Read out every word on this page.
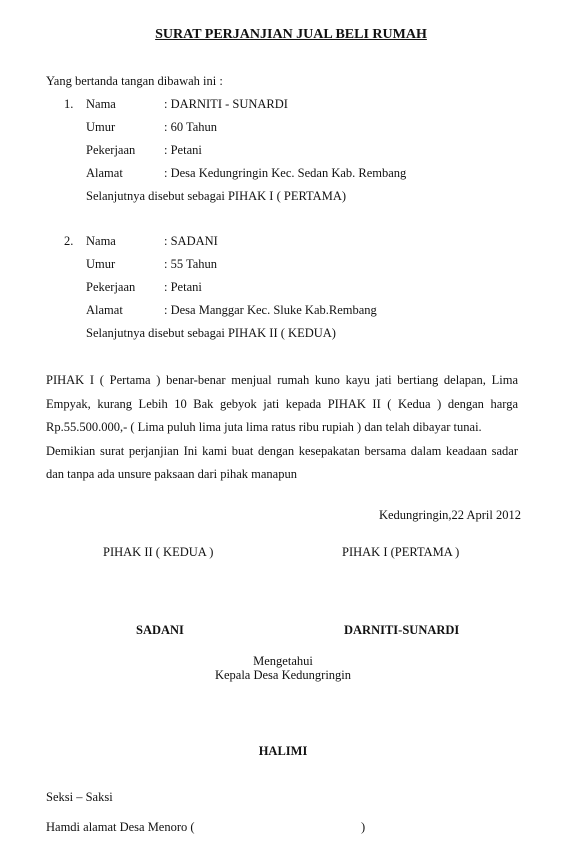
SURAT PERJANJIAN JUAL BELI RUMAH
Yang bertanda tangan dibawah ini :
1. Nama	: DARNITI - SUNARDI
Umur	: 60 Tahun
Pekerjaan : Petani
Alamat	: Desa Kedungringin Kec. Sedan Kab. Rembang
Selanjutnya disebut sebagai PIHAK I ( PERTAMA)
2. Nama	: SADANI
Umur	: 55 Tahun
Pekerjaan : Petani
Alamat	: Desa Manggar Kec. Sluke Kab.Rembang
Selanjutnya disebut sebagai PIHAK II ( KEDUA)

PIHAK I ( Pertama ) benar-benar menjual rumah kuno kayu jati bertiang delapan, Lima Empyak, kurang Lebih 10 Bak gebyok jati kepada PIHAK II ( Kedua ) dengan harga Rp.55.500.000,- ( Lima puluh lima juta lima ratus ribu rupiah ) dan telah dibayar tunai.

Demikian surat perjanjian Ini kami buat dengan kesepakatan bersama dalam keadaan sadar dan tanpa ada unsure paksaan dari pihak manapun

Kedungringin,22 April 2012
PIHAK II ( KEDUA )	PIHAK I (PERTAMA )
SADANI	DARNITI-SUNARDI
Mengetahui
Kepala Desa Kedungringin
HALIMI
Seksi – Saksi
Hamdi alamat Desa Menoro (	)
